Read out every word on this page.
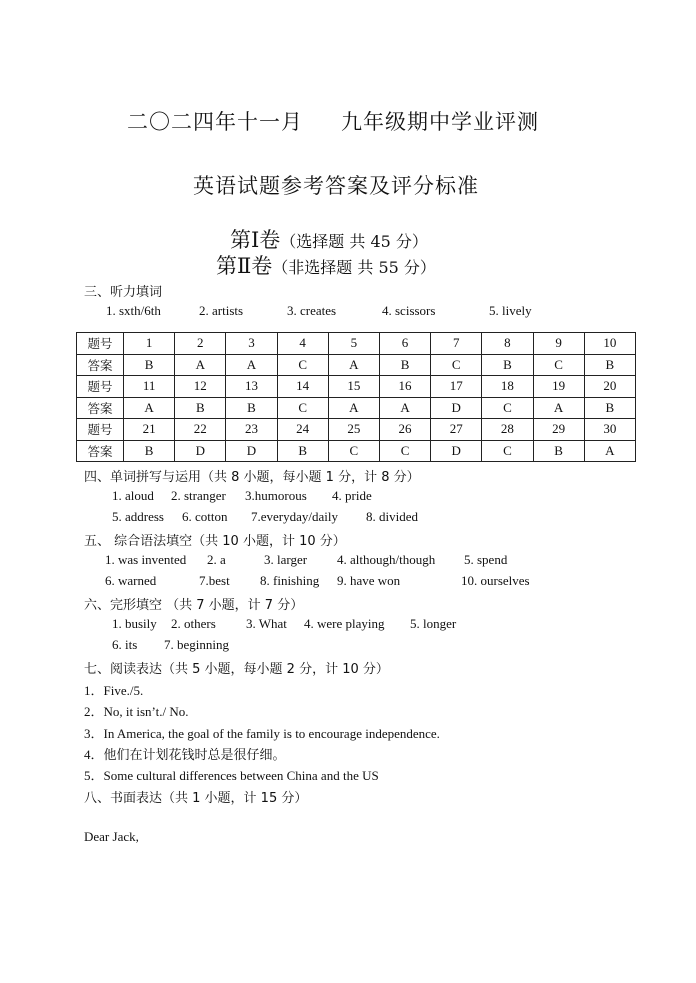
二〇二四年十一月 九年级期中学业评测
英语试题参考答案及评分标准
第Ⅰ卷（选择题 共 45 分）
第Ⅱ卷（非选择题 共 55 分）
三、听力填词
1. sxth/6th	2. artists	3. creates	4. scissors	5. lively
题号	1	2	3	4	5	6	7	8	9	10
答案	B	A	A	C	A	B	C	B	C	B
题号	11	12	13	14	15	16	17	18	19	20
答案	A	B	B	C	A	A	D	C	A	B
题号	21	22	23	24	25	26	27	28	29	30
答案	B	D	D	B	C	C	D	C	B	A
四、单词拼写与运用（共 8 小题，每小题 1 分，计 8 分）
1. aloud 2. stranger 3.humorous 4. pride
5. address 6. cotton 7.everyday/daily 8. divided
五、 综合语法填空（共 10 小题，计 10 分）
1. was invented 2. a	3. larger 4. although/though 5. spend
6. warned	7.best 8. finishing 9. have won	10. ourselves
六、完形填空 （共 7 小题，计 7 分）
1. busily 2. others 3. What 4. were playing 5. longer
6. its 7. beginning
七、阅读表达（共 5 小题，每小题 2 分，计 10 分）
1．Five./5.
2．No, it isn’t./ No.
3．In America, the goal of the family is to encourage independence.
4．他们在计划花钱时总是很仔细。
5．Some cultural differences between China and the US
八、书面表达（共 1 小题，计 15 分）
Dear Jack,
